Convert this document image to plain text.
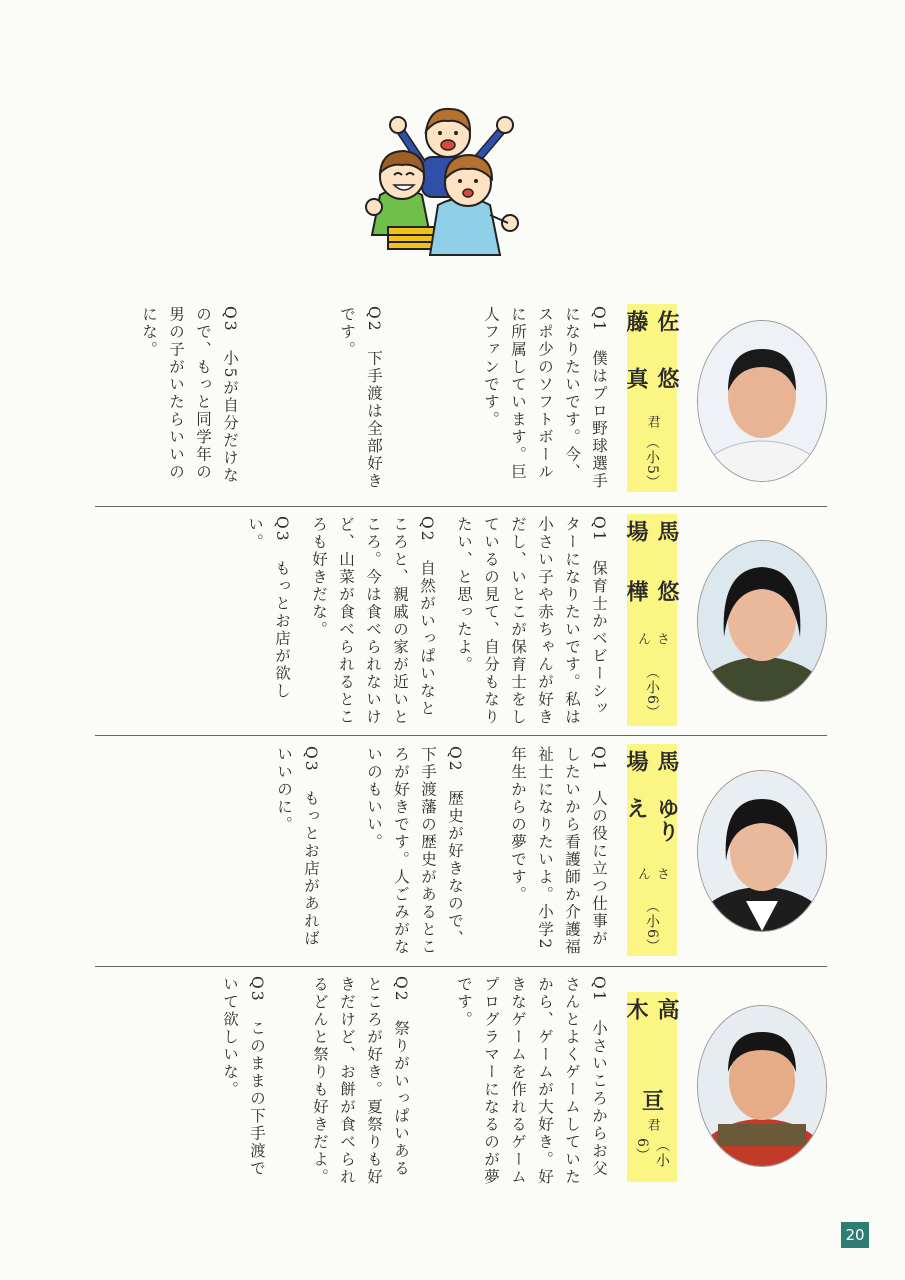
佐藤
悠真
君
（小5）

Q1　僕はプロ野球選手になりたいです。今、スポ少のソフトボールに所属しています。巨人ファンです。

Q2　下手渡は全部好きです。

Q3　小5が自分だけなので、もっと同学年の男の子がいたらいいのにな。

馬場
悠樺
さん
（小6）

Q1　保育士かベビーシッターになりたいです。私は小さい子や赤ちゃんが好きだし、いとこが保育士をしているの見て、自分もなりたい、と思ったよ。

Q2　自然がいっぱいなところと、親戚の家が近いところ。今は食べられないけど、山菜が食べられるところも好きだな。

Q3　もっとお店が欲しい。

馬場
ゆりえ
さん
（小6）

Q1　人の役に立つ仕事がしたいから看護師か介護福祉士になりたいよ。小学2年生からの夢です。

Q2　歴史が好きなので、下手渡藩の歴史があるところが好きです。人ごみがないのもいい。

Q3　もっとお店があればいいのに。

高木
亘
君
（小6）

Q1　小さいころからお父さんとよくゲームしていたから、ゲームが大好き。好きなゲームを作れるゲームプログラマーになるのが夢です。

Q2　祭りがいっぱいあるところが好き。夏祭りも好きだけど、お餅が食べられるどんと祭りも好きだよ。

Q3　このままの下手渡でいて欲しいな。

20
